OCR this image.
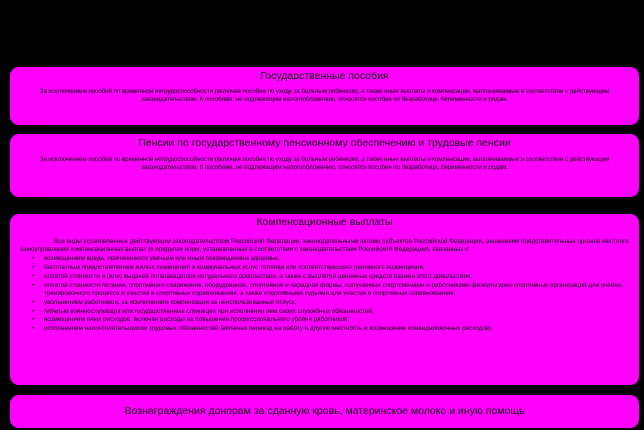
Государственные пособия
За исключением пособий по временной нетрудоспособности (включая пособие по уходу за больным ребенком), а также иные выплаты и компенсации, выплачиваемые в соответствии с действующим законодательством. К пособиям, не подлежащим налогообложению, относятся пособия по безработице, беременности и родам.
Пенсии по государственному пенсионному обеспечению и трудовые пенсии
За исключением пособий по временной нетрудоспособности (включая пособие по уходу за больным ребенком), а также иные выплаты и компенсации, выплачиваемые в соответствии с действующим законодательством. К пособиям, не подлежащим налогообложению, относятся пособия по безработице, беременности и родам.
Компенсационные выплаты

Все виды установленных действующим законодательством Российской Федерации, законодательными актами субъектов Российской Федерации, решениями представительных органов местного самоуправления компенсационных выплат (в пределах норм, установленных в соответствии с законодательством Российской Федерации), связанных с:

• возмещением вреда, причиненного увечьем или иным повреждением здоровья;
• бесплатным предоставлением жилых помещений и коммунальных услуг, топлива или соответствующего денежного возмещения;
• оплатой стоимости и (или) выдачей полагающегося натурального довольствия, а также с выплатой денежных средств взамен этого довольствия;
• оплатой стоимости питания, спортивного снаряжения, оборудования, спортивной и парадной формы, получаемых спортсменами и работниками физкультурно-спортивных организаций для учебно-тренировочного процесса и участия в спортивных соревнованиях, а также спортивными судьями для участия в спортивных соревнованиях;
• увольнением работников, за исключением компенсации за неиспользованный отпуск;
• гибелью военнослужащих или государственных служащих при исполнении ими своих служебных обязанностей;
• возмещением иных расходов, включая расходы на повышение профессионального уровня работников;
• исполнением налогоплательщиком трудовых обязанностей (включая переезд на работу в другую местность и возмещение командировочных расходов).
Вознаграждения донорам за сданную кровь, материнское молоко и иную помощь
